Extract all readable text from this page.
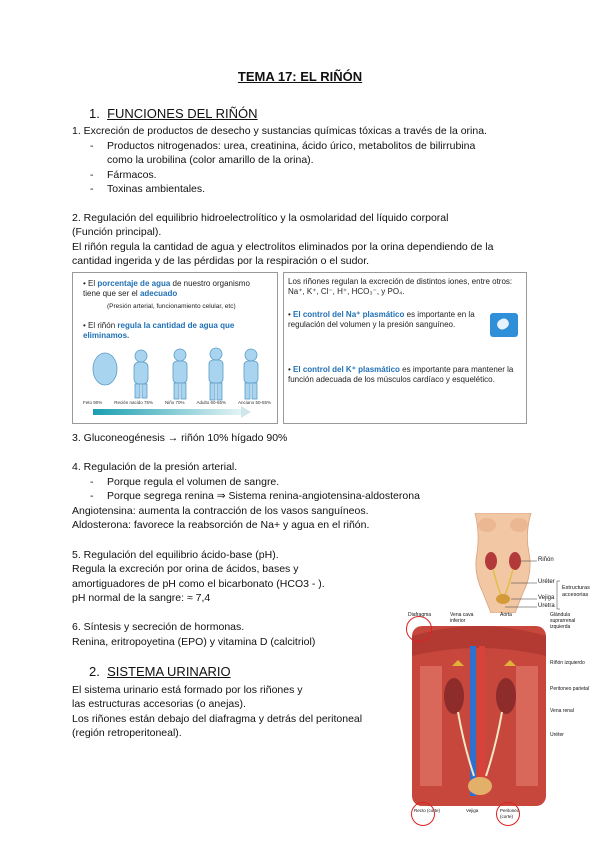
TEMA 17: EL RIÑÓN
1. FUNCIONES DEL RIÑÓN
1. Excreción de productos de desecho y sustancias químicas tóxicas a través de la orina.
- Productos nitrogenados: urea, creatinina, ácido úrico, metabolitos de bilirrubina
como la urobilina (color amarillo de la orina).
- Fármacos.
- Toxinas ambientales.
2. Regulación del equilibrio hidroelectrolítico y la osmolaridad del líquido corporal
(Función principal).
El riñón regula la cantidad de agua y electrolitos eliminados por la orina dependiendo de la
cantidad ingerida y de las pérdidas por la respiración o el sudor.
• El porcentaje de agua de nuestro organismo tiene que ser el adecuado
(Presión arterial, funcionamiento celular, etc)
• El riñón regula la cantidad de agua que eliminamos.
Feto 90%	Recién nacido 75%	Niño 70%	Adulto 60-65%	Anciano 50-55%
Los riñones regulan la excreción de distintos iones, entre otros: Na⁺, K⁺, Cl⁻, H⁺, HCO₃⁻, y PO₄.
• El control del Na⁺ plasmático es importante en la regulación del volumen y la presión sanguíneo.
• El control del K⁺ plasmático es importante para mantener la función adecuada de los músculos cardíaco y esquelético.
3. Gluconeogénesis → riñón 10% hígado 90%
4. Regulación de la presión arterial.
- Porque regula el volumen de sangre.
- Porque segrega renina ⇒ Sistema renina-angiotensina-aldosterona
Angiotensina: aumenta la contracción de los vasos sanguíneos.
Aldosterona: favorece la reabsorción de Na+ y agua en el riñón.
5. Regulación del equilibrio ácido-base (pH).
Regula la excreción por orina de ácidos, bases y
amortiguadores de pH como el bicarbonato (HCO3 - ).
pH normal de la sangre: ≈ 7,4
6. Síntesis y secreción de hormonas.
Renina, eritropoyetina (EPO) y vitamina D (calcitriol)
2. SISTEMA URINARIO
El sistema urinario está formado por los riñones y
las estructuras accesorias (o anejas).
Los riñones están debajo del diafragma y detrás del peritoneal
(región retroperitoneal).
Riñón
Uréter
Vejiga
Uretra
Estructuras accesorias
Diafragma	Vena cava inferior
Aorta	Glándula suprarrenal izquierda
Riñón izquierdo
Peritoneo parietal
Vena renal
Uréter
Recto (corte)	Vejiga	Peritoneo (corte)
